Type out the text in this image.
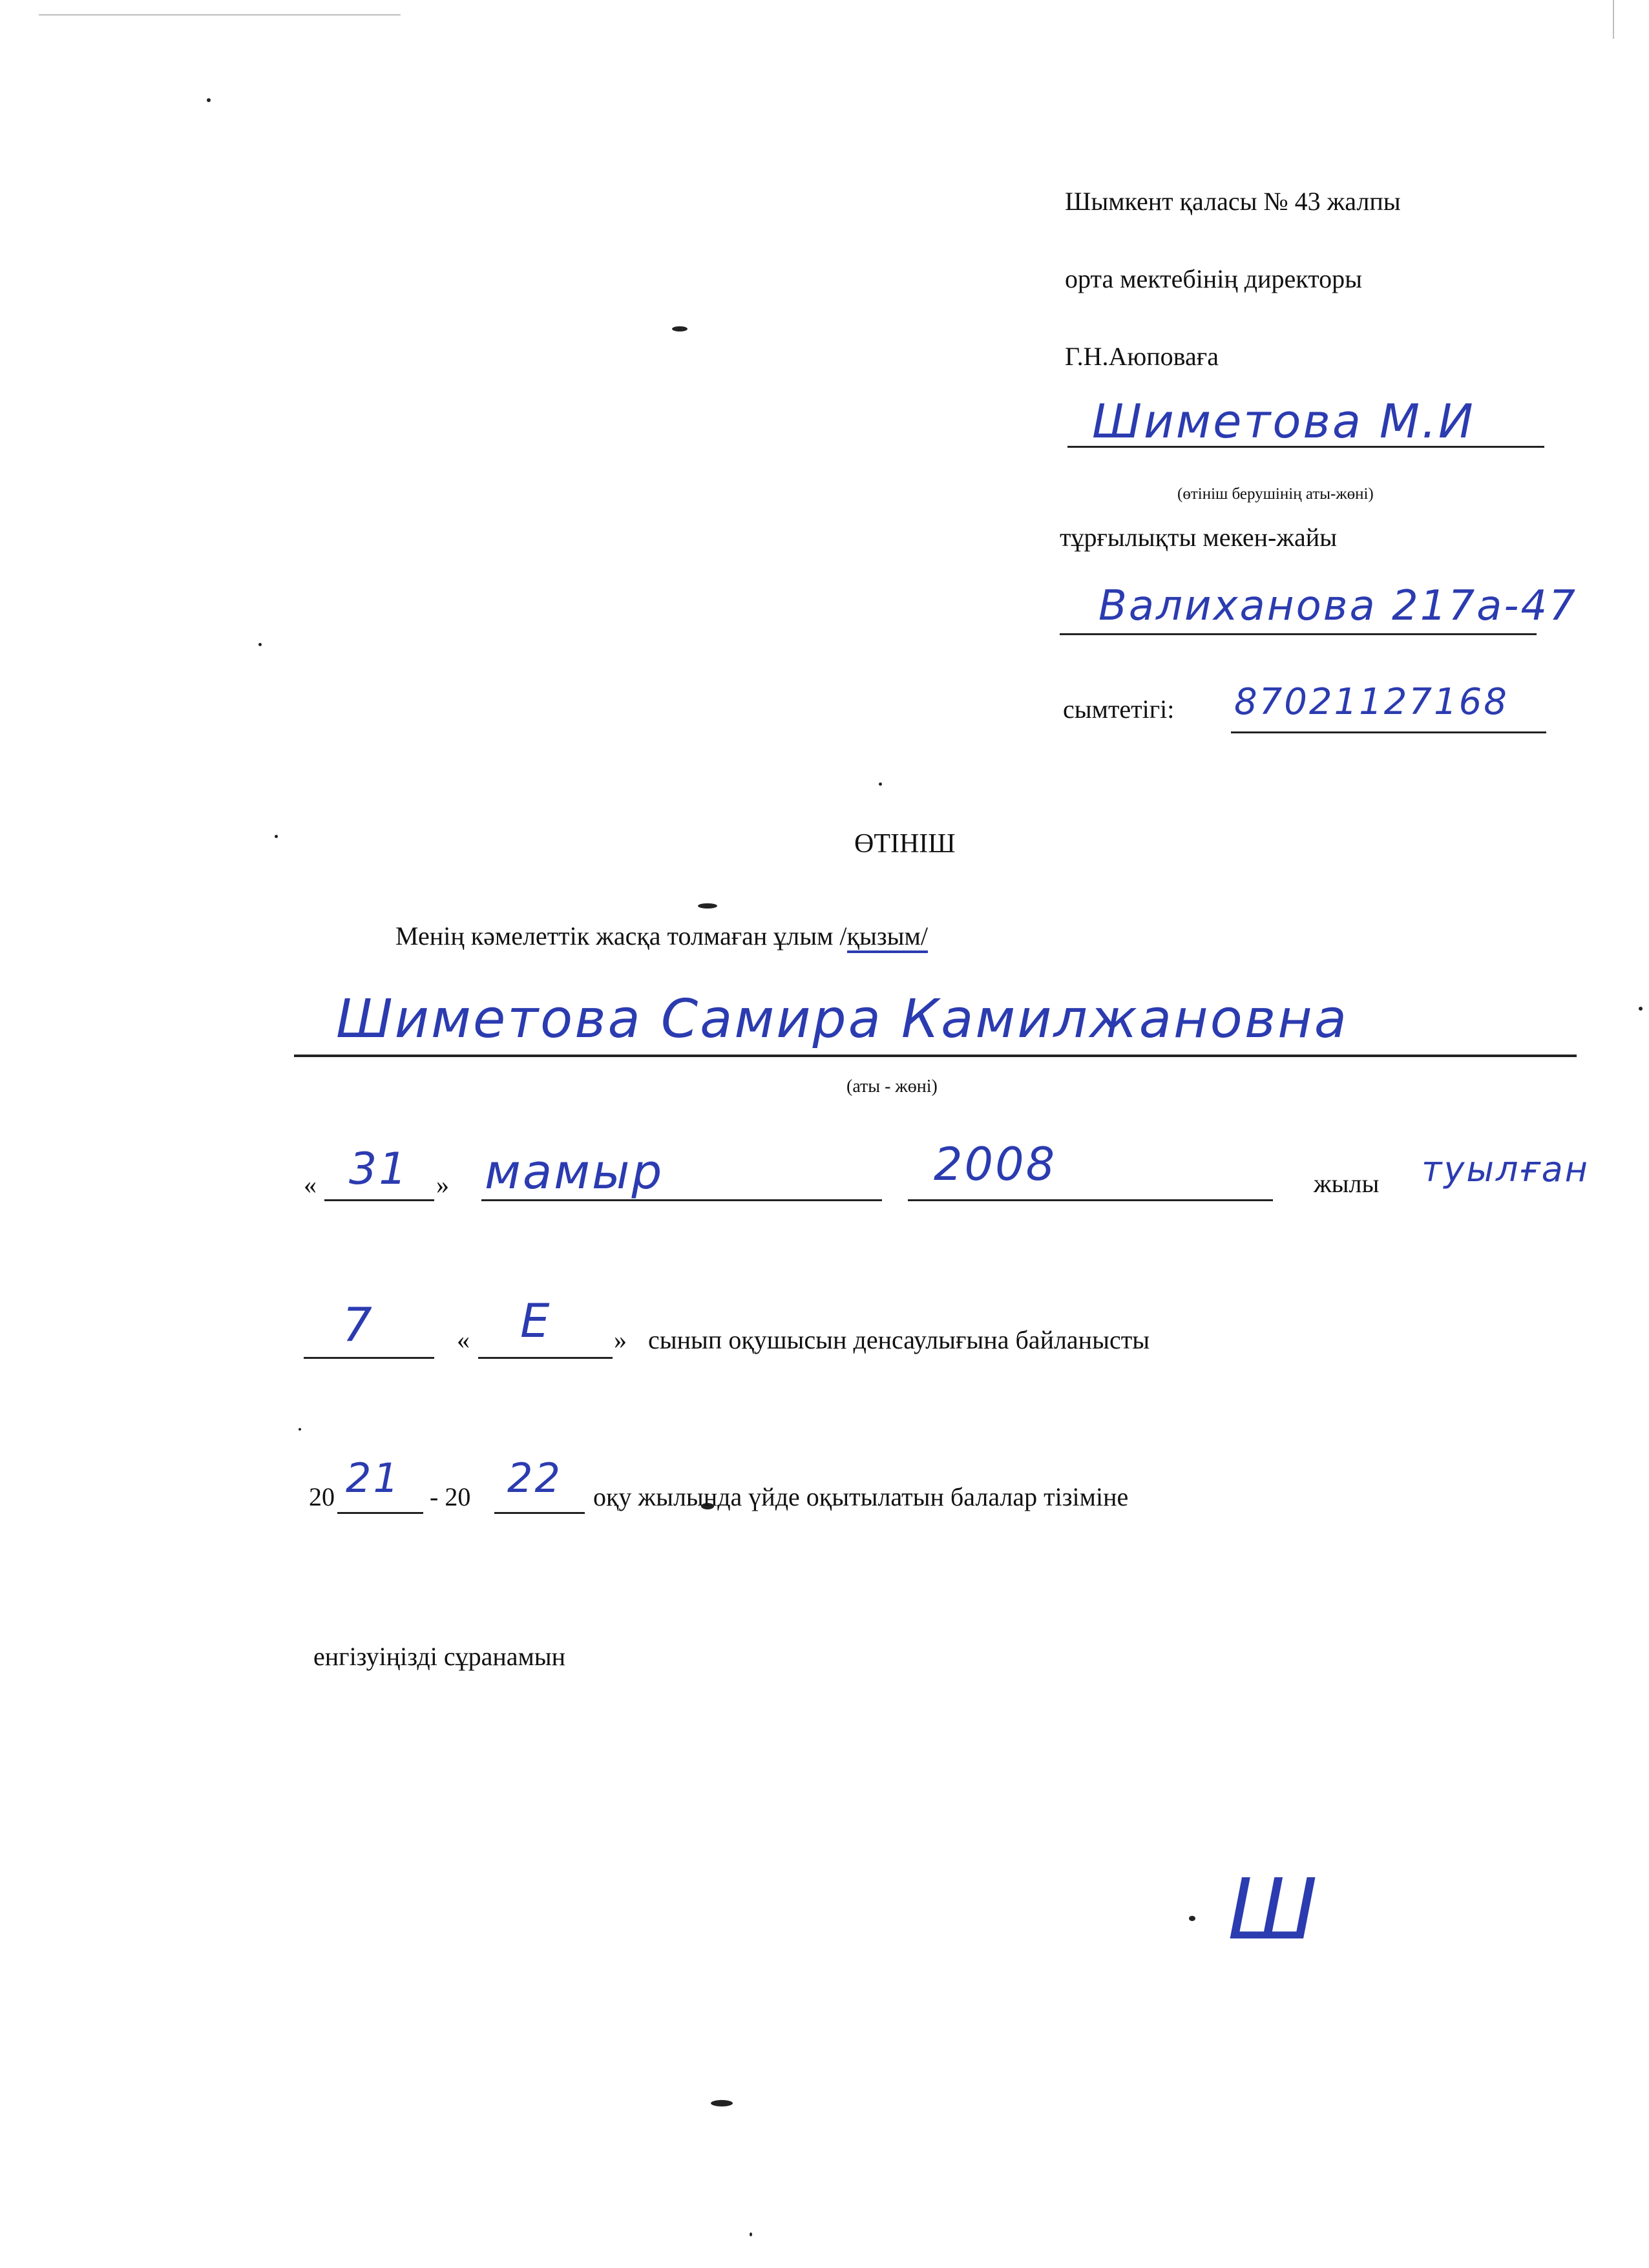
Шымкент қаласы № 43 жалпы
орта мектебінің директоры
Г.Н.Аюповаға
Шиметова М.И
(өтініш берушінің аты-жөні)
тұрғылықты мекен-жайы
Валиханова 217а-47
сымтетігі: 87021127168
ӨТІНІШ
Менің кәмелеттік жасқа толмаған ұлым /қызым/
Шиметова Самира Камилжановна
(аты - жөні)
« 31 » мамыр	2008	жылы туылған
7	« Е » сынып оқушысын денсаулығына байланысты
20 21 - 20 22 оқу жылында үйде оқытылатын балалар тізіміне
енгізуіңізді сұранамын
Ш
